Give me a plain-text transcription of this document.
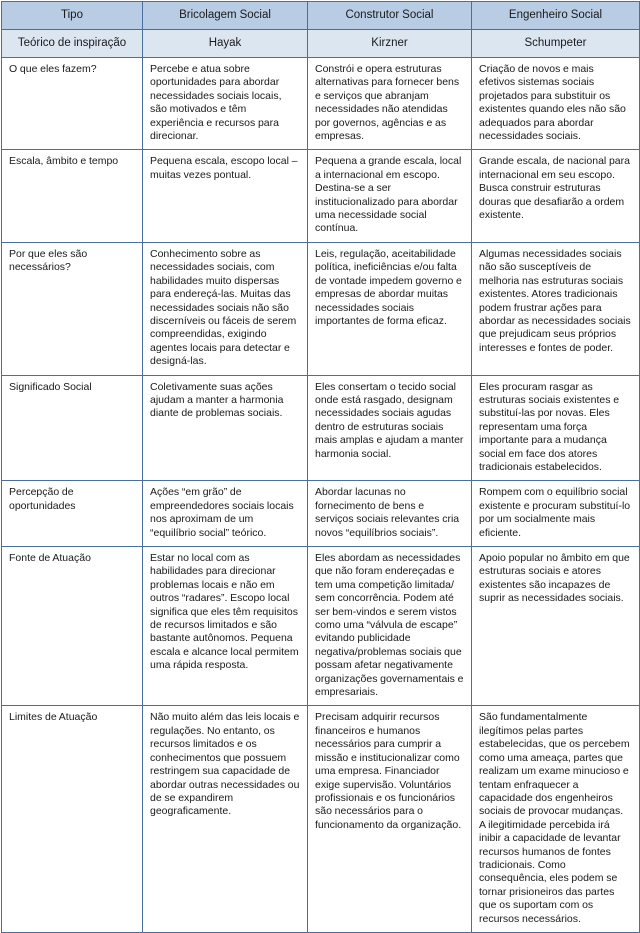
Tipo	Bricolagem Social	Construtor Social	Engenheiro Social
Teórico de inspiração	Hayak	Kirzner	Schumpeter
O que eles fazem?	Percebe e atua sobre oportunidades para abordar necessidades sociais locais, são motivados e têm experiência e recursos para direcionar.	Constrói e opera estruturas alternativas para fornecer bens e serviços que abranjam necessidades não atendidas por governos, agências e as empresas.	Criação de novos e mais efetivos sistemas sociais projetados para substituir os existentes quando eles não são adequados para abordar necessidades sociais.
Escala, âmbito e tempo	Pequena escala, escopo local – muitas vezes pontual.	Pequena a grande escala, local a internacional em escopo. Destina-se a ser institucionalizado para abordar uma necessidade social contínua.	Grande escala, de nacional para internacional em seu escopo. Busca construir estruturas douras que desafiarão a ordem existente.
Por que eles são necessários?	Conhecimento sobre as necessidades sociais, com habilidades muito dispersas para endereçá-las. Muitas das necessidades sociais não são discerníveis ou fáceis de serem compreendidas, exigindo agentes locais para detectar e designá-las.	Leis, regulação, aceitabilidade política, ineficiências e/ou falta de vontade impedem governo e empresas de abordar muitas necessidades sociais importantes de forma eficaz.	Algumas necessidades sociais não são susceptíveis de melhoria nas estruturas sociais existentes. Atores tradicionais podem frustrar ações para abordar as necessidades sociais que prejudicam seus próprios interesses e fontes de poder.
Significado Social	Coletivamente suas ações ajudam a manter a harmonia diante de problemas sociais.	Eles consertam o tecido social onde está rasgado, designam necessidades sociais agudas dentro de estruturas sociais mais amplas e ajudam a manter harmonia social.	Eles procuram rasgar as estruturas sociais existentes e substituí-las por novas. Eles representam uma força importante para a mudança social em face dos atores tradicionais estabelecidos.
Percepção de oportunidades	Ações “em grão” de empreendedores sociais locais nos aproximam de um “equilíbrio social” teórico.	Abordar lacunas no fornecimento de bens e serviços sociais relevantes cria novos “equilíbrios sociais”.	Rompem com o equilíbrio social existente e procuram substituí-lo por um socialmente mais eficiente.
Fonte de Atuação	Estar no local com as habilidades para direcionar problemas locais e não em outros “radares”. Escopo local significa que eles têm requisitos de recursos limitados e são bastante autônomos. Pequena escala e alcance local permitem uma rápida resposta.	Eles abordam as necessidades que não foram endereçadas e tem uma competição limitada/ sem concorrência. Podem até ser bem-vindos e serem vistos como uma “válvula de escape” evitando publicidade negativa/problemas sociais que possam afetar negativamente organizações governamentais e empresariais.	Apoio popular no âmbito em que estruturas sociais e atores existentes são incapazes de suprir as necessidades sociais.
Limites de Atuação	Não muito além das leis locais e regulações. No entanto, os recursos limitados e os conhecimentos que possuem restringem sua capacidade de abordar outras necessidades ou de se expandirem geograficamente.	Precisam adquirir recursos financeiros e humanos necessários para cumprir a missão e institucionalizar como uma empresa. Financiador exige supervisão. Voluntários profissionais e os funcionários são necessários para o funcionamento da organização.	São fundamentalmente ilegítimos pelas partes estabelecidas, que os percebem como uma ameaça, partes que realizam um exame minucioso e tentam enfraquecer a capacidade dos engenheiros sociais de provocar mudanças. A ilegitimidade percebida irá inibir a capacidade de levantar recursos humanos de fontes tradicionais. Como consequência, eles podem se tornar prisioneiros das partes que os suportam com os recursos necessários.
